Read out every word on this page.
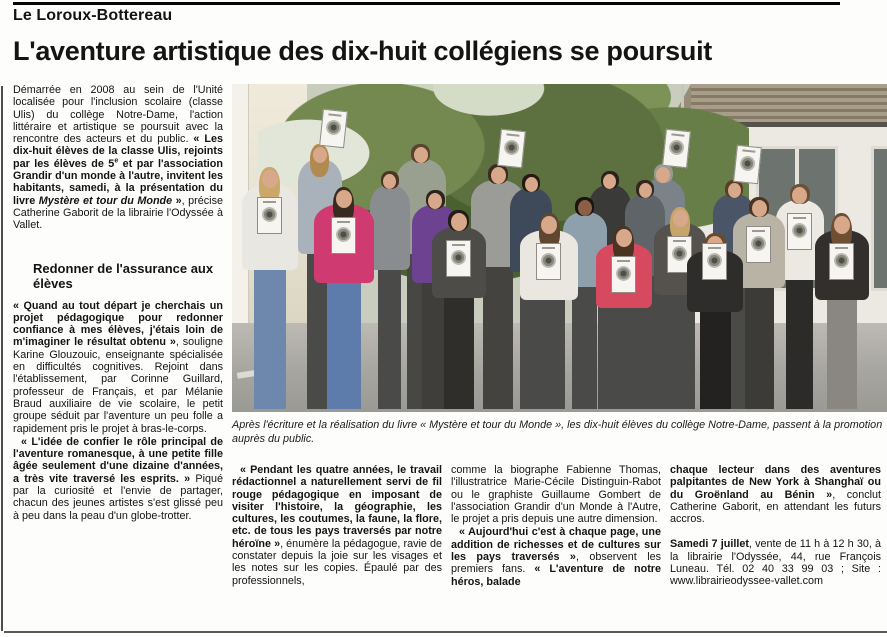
Le Loroux-Bottereau
L'aventure artistique des dix-huit collégiens se poursuit

Démarrée en 2008 au sein de l'Unité localisée pour l'inclusion scolaire (classe Ulis) du collège Notre-Dame, l'action littéraire et artistique se poursuit avec la rencontre des acteurs et du public. « Les dix-huit élèves de la classe Ulis, rejoints par les élèves de 5e et par l'association Grandir d'un monde à l'autre, invitent les habitants, samedi, à la présentation du livre Mystère et tour du Monde », précise Catherine Gaborit de la librairie l'Odyssée à Vallet.

Redonner de l'assurance aux élèves

« Quand au tout départ je cherchais un projet pédagogique pour redonner confiance à mes élèves, j'étais loin de m'imaginer le résultat obtenu », souligne Karine Glouzouic, enseignante spécialisée en difficultés cognitives. Rejoint dans l'établissement, par Corinne Guillard, professeur de Français, et par Mélanie Braud auxiliaire de vie scolaire, le petit groupe séduit par l'aventure un peu folle a rapidement pris le projet à bras-le-corps.

« L'idée de confier le rôle principal de l'aventure romanesque, à une petite fille âgée seulement d'une dizaine d'années, a très vite traversé les esprits. » Piqué par la curiosité et l'envie de partager, chacun des jeunes artistes s'est glissé peu à peu dans la peau d'un globe-trotter.

Après l'écriture et la réalisation du livre « Mystère et tour du Monde », les dix-huit élèves du collège Notre-Dame, passent à la promotion auprès du public.

« Pendant les quatre années, le travail rédactionnel a naturellement servi de fil rouge pédagogique en imposant de visiter l'histoire, la géographie, les cultures, les coutumes, la faune, la flore, etc. de tous les pays traversés par notre héroïne », énumère la pédagogue, ravie de constater depuis la joie sur les visages et les notes sur les copies. Épaulé par des professionnels,

comme la biographe Fabienne Thomas, l'illustratrice Marie-Cécile Distinguin-Rabot ou le graphiste Guillaume Gombert de l'association Grandir d'un Monde à l'Autre, le projet a pris depuis une autre dimension.

« Aujourd'hui c'est à chaque page, une addition de richesses et de cultures sur les pays traversés », observent les premiers fans. « L'aventure de notre héros, balade

chaque lecteur dans des aventures palpitantes de New York à Shanghaï ou du Groënland au Bénin », conclut Catherine Gaborit, en attendant les futurs accros.

Samedi 7 juillet, vente de 11 h à 12 h 30, à la librairie l'Odyssée, 44, rue François Luneau. Tél. 02 40 33 99 03 ; Site : www.librairieodyssee-vallet.com
